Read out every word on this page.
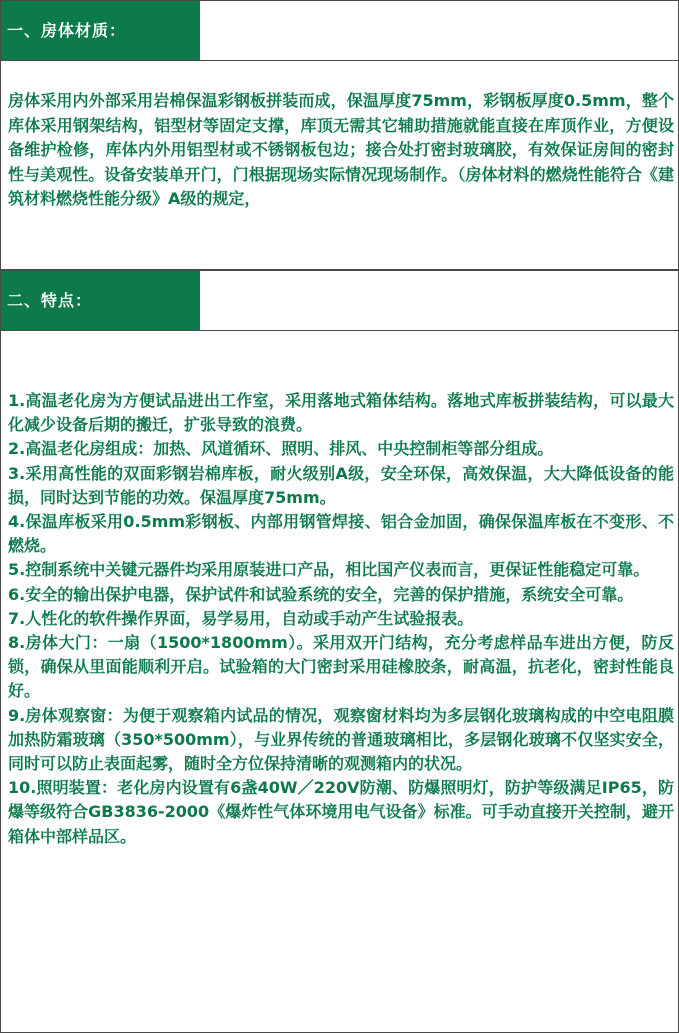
一、房体材质：

房体采用内外部采用岩棉保温彩钢板拼装而成，保温厚度75mm，彩钢板厚度0.5mm，整个库体采用钢架结构，铝型材等固定支撑，库顶无需其它辅助措施就能直接在库顶作业，方便设备维护检修，库体内外用铝型材或不锈钢板包边；接合处打密封玻璃胶，有效保证房间的密封性与美观性。设备安装单开门，门根据现场实际情况现场制作。（房体材料的燃烧性能符合《建筑材料燃烧性能分级》A级的规定，

二、特点：

1.高温老化房为方便试品进出工作室，采用落地式箱体结构。落地式库板拼装结构，可以最大化减少设备后期的搬迁，扩张导致的浪费。

2.高温老化房组成：加热、风道循环、照明、排风、中央控制柜等部分组成。

3.采用高性能的双面彩钢岩棉库板，耐火级别A级，安全环保，高效保温，大大降低设备的能损，同时达到节能的功效。保温厚度75mm。

4.保温库板采用0.5mm彩钢板、内部用钢管焊接、铝合金加固，确保保温库板在不变形、不燃烧。

5.控制系统中关键元器件均采用原装进口产品，相比国产仪表而言，更保证性能稳定可靠。

6.安全的输出保护电器，保护试件和试验系统的安全，完善的保护措施，系统安全可靠。

7.人性化的软件操作界面，易学易用，自动或手动产生试验报表。

8.房体大门：一扇（1500*1800mm）。采用双开门结构，充分考虑样品车进出方便，防反锁，确保从里面能顺利开启。试验箱的大门密封采用硅橡胶条，耐高温，抗老化，密封性能良好。

9.房体观察窗：为便于观察箱内试品的情况，观察窗材料均为多层钢化玻璃构成的中空电阻膜加热防霜玻璃（350*500mm），与业界传统的普通玻璃相比，多层钢化玻璃不仅坚实安全，同时可以防止表面起雾，随时全方位保持清晰的观测箱内的状况。

10.照明装置：老化房内设置有6盏40W／220V防潮、防爆照明灯，防护等级满足IP65，防爆等级符合GB3836-2000《爆炸性气体环境用电气设备》标准。可手动直接开关控制，避开箱体中部样品区。
